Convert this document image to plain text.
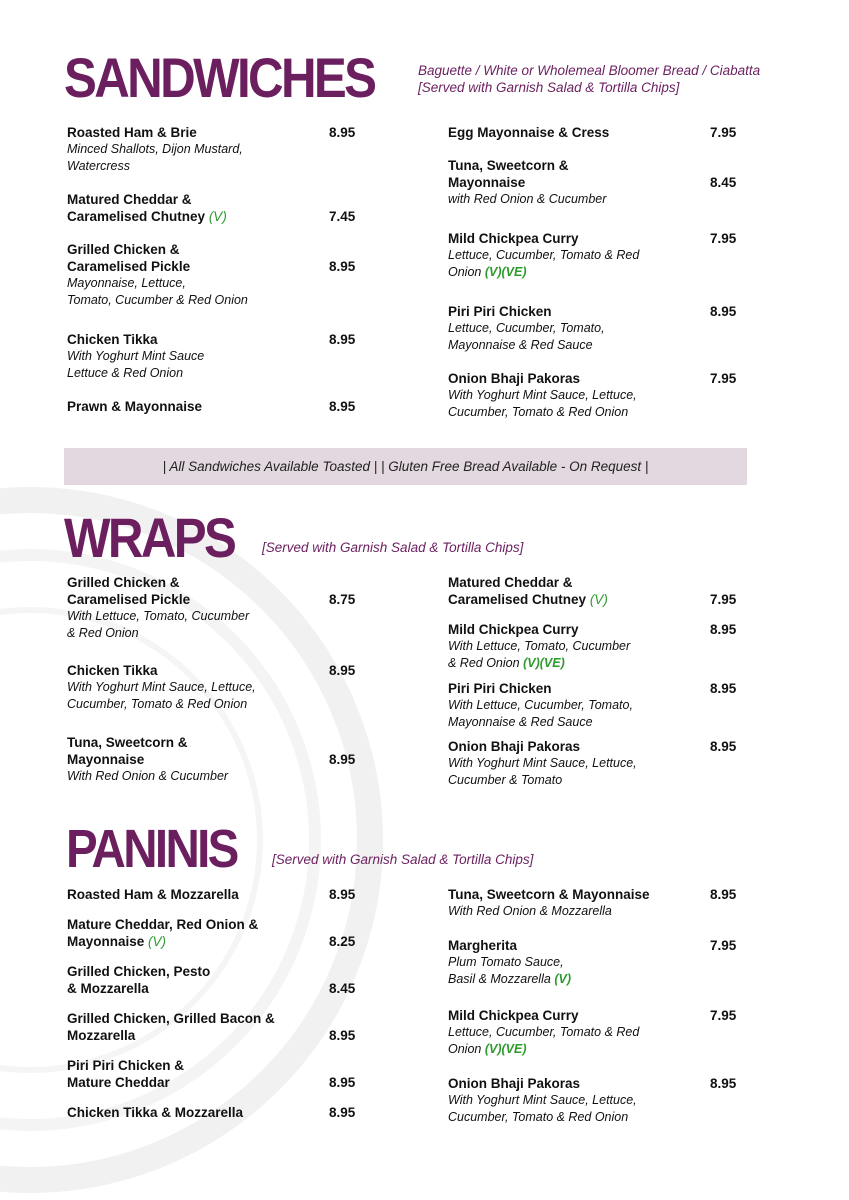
SANDWICHES	Baguette / White or Wholemeal Bloomer Bread / Ciabatta
[Served with Garnish Salad & Tortilla Chips]
Roasted Ham & Brie
Minced Shallots, Dijon Mustard,
Watercress
8.95
Matured Cheddar &
Caramelised Chutney (V)	7.45
Grilled Chicken &
Caramelised Pickle
Mayonnaise, Lettuce,
Tomato, Cucumber & Red Onion
8.95
Chicken Tikka
With Yoghurt Mint Sauce
Lettuce & Red Onion
8.95
Prawn & Mayonnaise	8.95
Egg Mayonnaise & Cress	7.95
Tuna, Sweetcorn &
Mayonnaise
with Red Onion & Cucumber
8.45
Mild Chickpea Curry
Lettuce, Cucumber, Tomato & Red
Onion (V)(VE)
7.95
Piri Piri Chicken
Lettuce, Cucumber, Tomato,
Mayonnaise & Red Sauce
8.95
Onion Bhaji Pakoras
With Yoghurt Mint Sauce, Lettuce,
Cucumber, Tomato & Red Onion
7.95
| All Sandwiches Available Toasted | | Gluten Free Bread Available - On Request |
WRAPS [Served with Garnish Salad & Tortilla Chips]
Grilled Chicken &
Caramelised Pickle
With Lettuce, Tomato, Cucumber
& Red Onion
8.75
Chicken Tikka
With Yoghurt Mint Sauce, Lettuce,
Cucumber, Tomato & Red Onion
8.95
Tuna, Sweetcorn &
Mayonnaise
With Red Onion & Cucumber
8.95
Matured Cheddar &
Caramelised Chutney (V)	7.95
Mild Chickpea Curry
With Lettuce, Tomato, Cucumber
& Red Onion (V)(VE)
8.95
Piri Piri Chicken
With Lettuce, Cucumber, Tomato,
Mayonnaise & Red Sauce
8.95
Onion Bhaji Pakoras
With Yoghurt Mint Sauce, Lettuce,
Cucumber & Tomato
8.95
PANINIS	[Served with Garnish Salad & Tortilla Chips]
Roasted Ham & Mozzarella	8.95
Mature Cheddar, Red Onion &
Mayonnaise (V)	8.25
Grilled Chicken, Pesto
& Mozzarella	8.45
Grilled Chicken, Grilled Bacon &
Mozzarella	8.95
Piri Piri Chicken &
Mature Cheddar	8.95
Chicken Tikka & Mozzarella	8.95
Tuna, Sweetcorn & Mayonnaise
With Red Onion & Mozzarella
8.95
Margherita
Plum Tomato Sauce,
Basil & Mozzarella (V)
7.95
Mild Chickpea Curry
Lettuce, Cucumber, Tomato & Red
Onion (V)(VE)
7.95
Onion Bhaji Pakoras
With Yoghurt Mint Sauce, Lettuce,
Cucumber, Tomato & Red Onion
8.95
